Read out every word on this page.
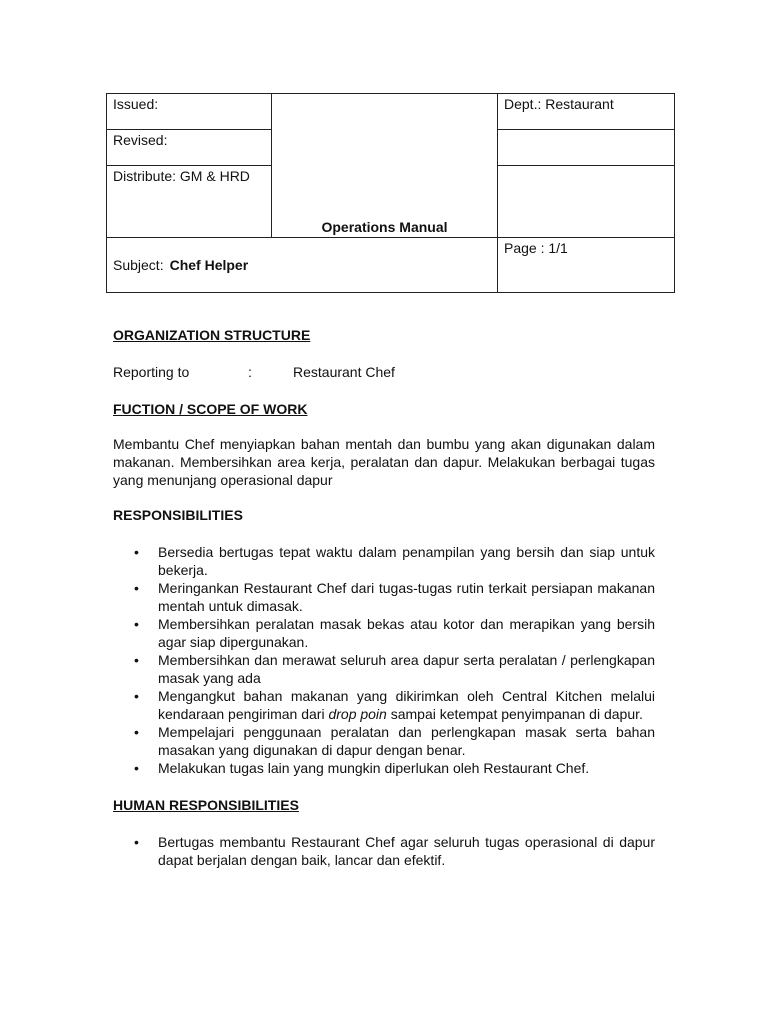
Issued:	Operations Manual	Dept.: Restaurant
Revised:		
Distribute: GM & HRD		
Subject: Chef Helper		Page : 1/1

ORGANIZATION STRUCTURE

Reporting to	:	Restaurant Chef

FUCTION / SCOPE OF WORK

Membantu Chef menyiapkan bahan mentah dan bumbu yang akan digunakan dalam makanan. Membersihkan area kerja, peralatan dan dapur. Melakukan berbagai tugas yang menunjang operasional dapur

RESPONSIBILITIES

• Bersedia bertugas tepat waktu dalam penampilan yang bersih dan siap untuk bekerja.
• Meringankan Restaurant Chef dari tugas-tugas rutin terkait persiapan makanan mentah untuk dimasak.
• Membersihkan peralatan masak bekas atau kotor dan merapikan yang bersih agar siap dipergunakan.
• Membersihkan dan merawat seluruh area dapur serta peralatan / perlengkapan masak yang ada
• Mengangkut bahan makanan yang dikirimkan oleh Central Kitchen melalui kendaraan pengiriman dari drop poin sampai ketempat penyimpanan di dapur.
• Mempelajari penggunaan peralatan dan perlengkapan masak serta bahan masakan yang digunakan di dapur dengan benar.
• Melakukan tugas lain yang mungkin diperlukan oleh Restaurant Chef.

HUMAN RESPONSIBILITIES

• Bertugas membantu Restaurant Chef agar seluruh tugas operasional di dapur dapat berjalan dengan baik, lancar dan efektif.
